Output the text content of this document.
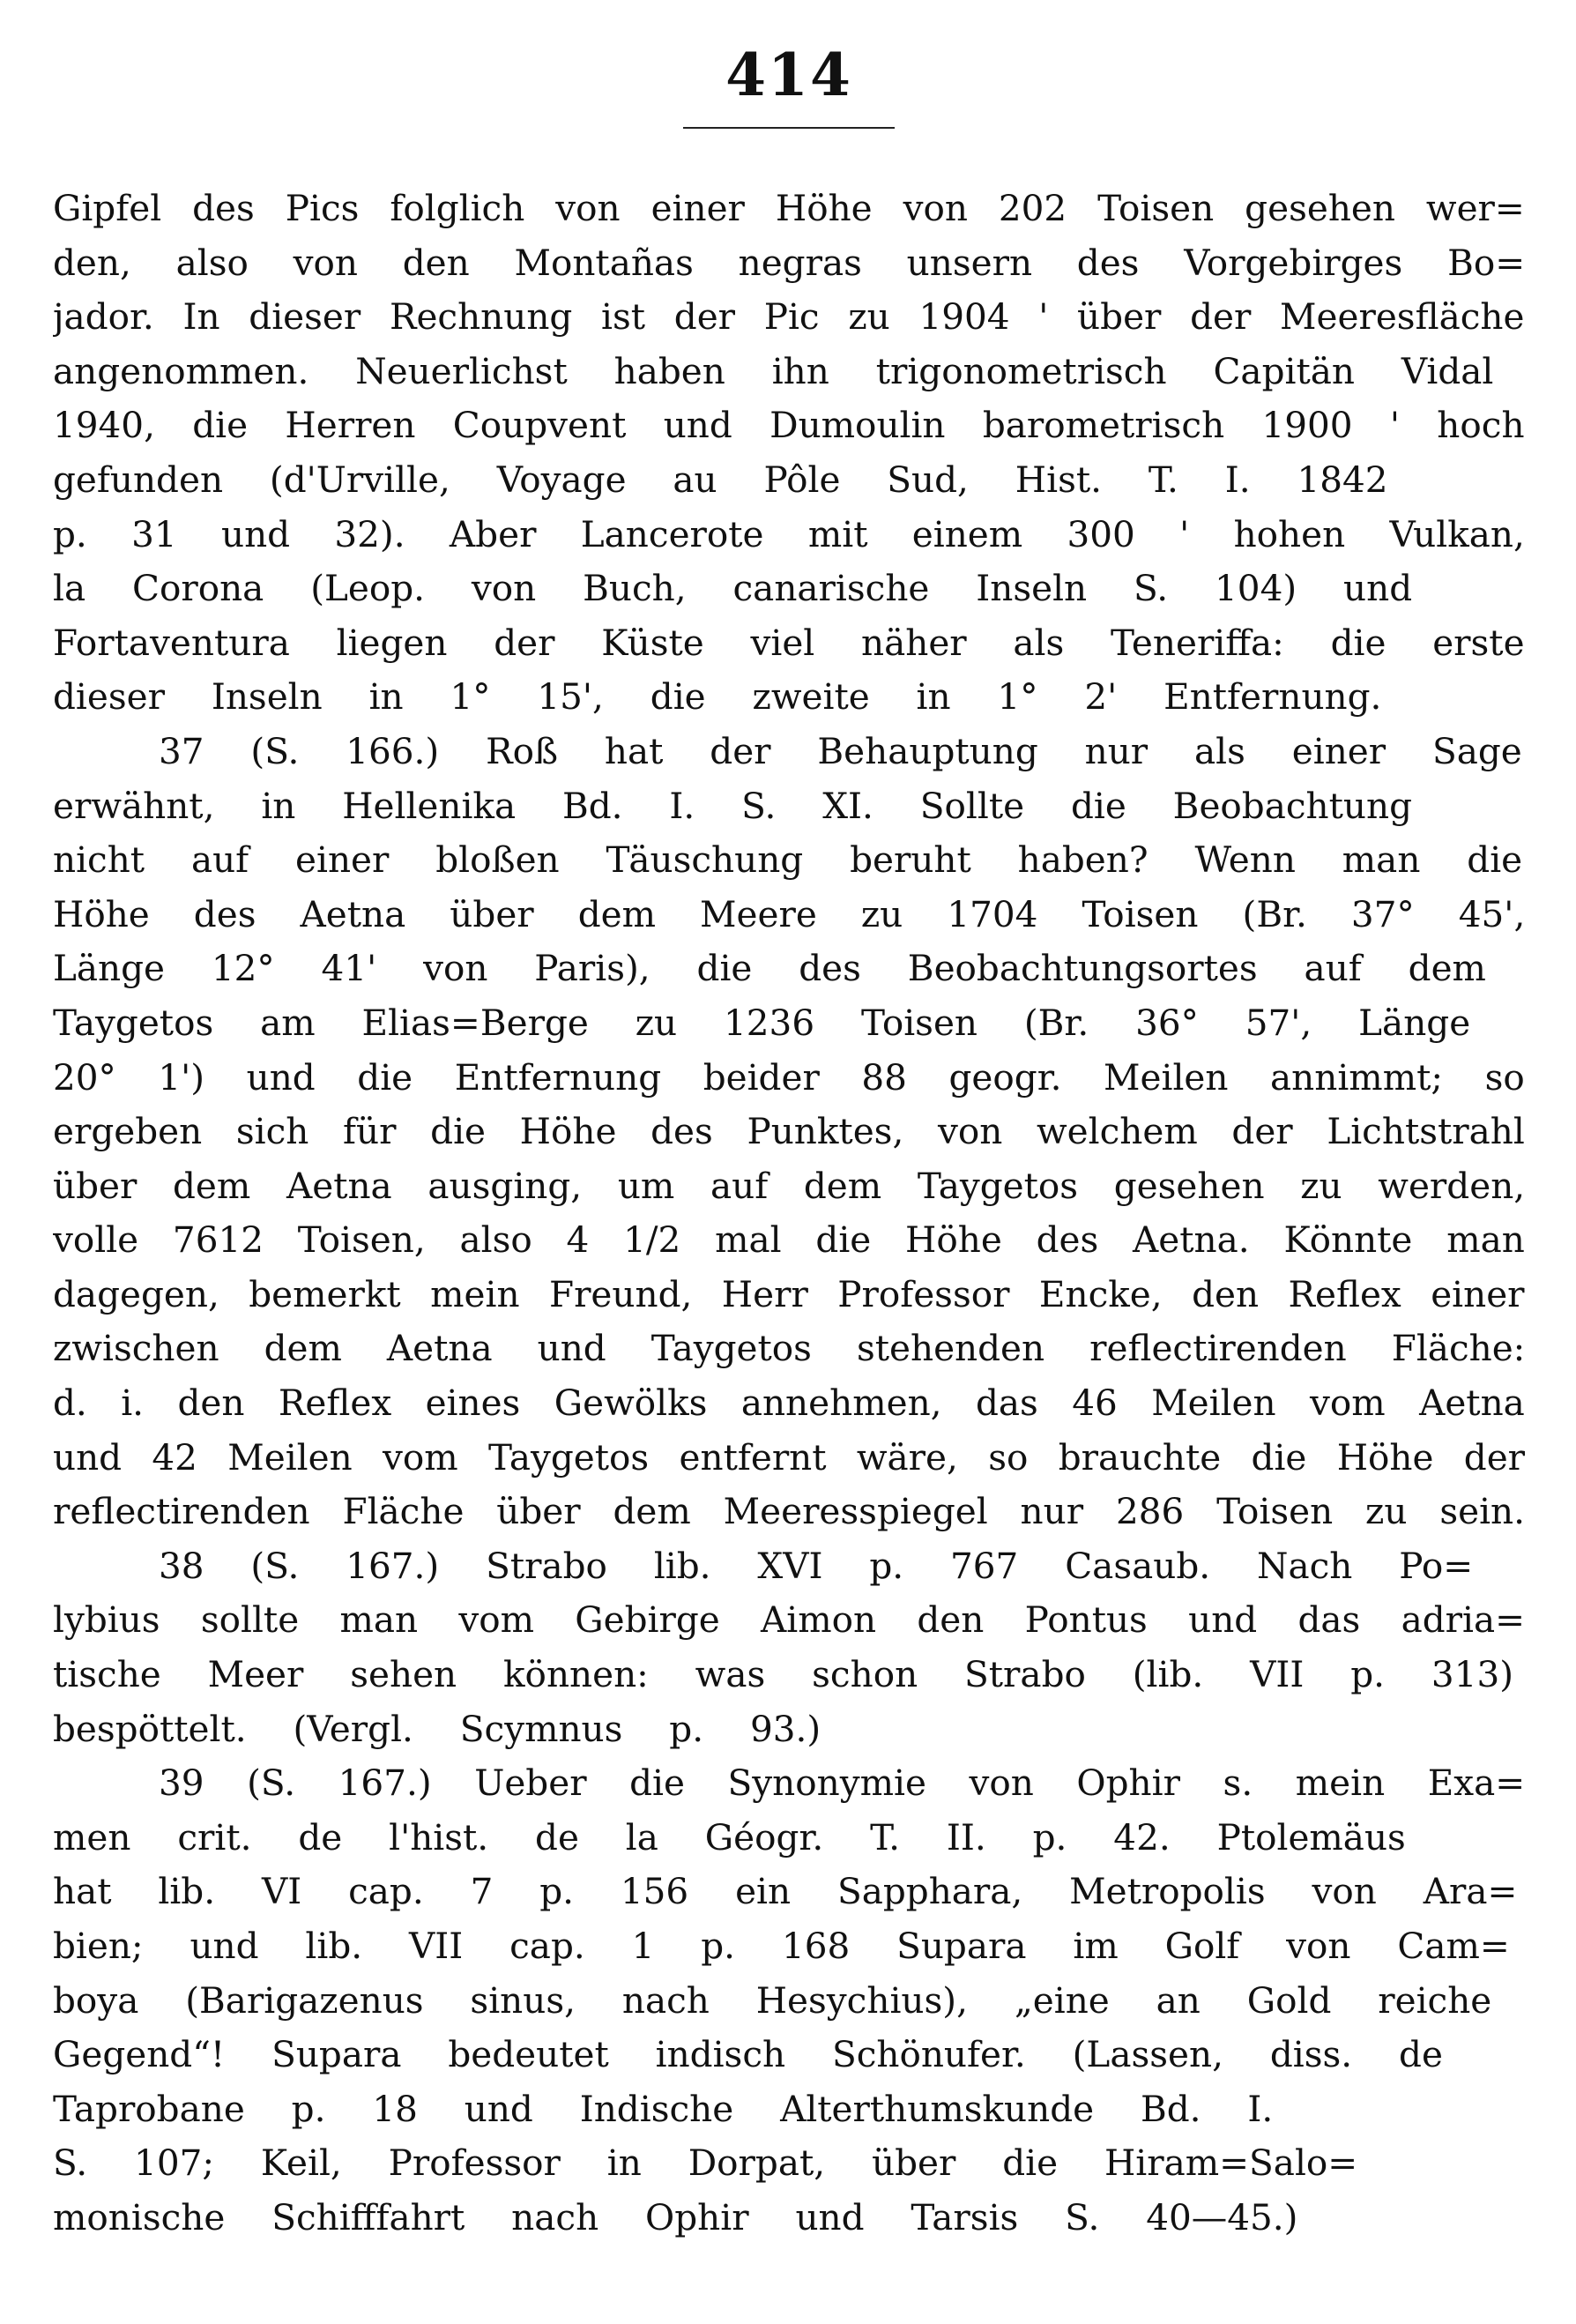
414
Gipfel des Pics folglich von einer Höhe von 202 Toisen gesehen wer=
den, also von den Montañas negras unsern des Vorgebirges Bo=
jador. In dieser Rechnung ist der Pic zu 1904 ' über der Meeresfläche
angenommen. Neuerlichst haben ihn trigonometrisch Capitän Vidal
1940, die Herren Coupvent und Dumoulin barometrisch 1900 ' hoch
gefunden (d'Urville, Voyage au Pôle Sud, Hist. T. I. 1842
p. 31 und 32). Aber Lancerote mit einem 300 ' hohen Vulkan,
la Corona (Leop. von Buch, canarische Inseln S. 104) und
Fortaventura liegen der Küste viel näher als Teneriffa: die erste
dieser Inseln in 1° 15', die zweite in 1° 2' Entfernung.
37 (S. 166.) Roß hat der Behauptung nur als einer Sage
erwähnt, in Hellenika Bd. I. S. XI. Sollte die Beobachtung
nicht auf einer bloßen Täuschung beruht haben? Wenn man die
Höhe des Aetna über dem Meere zu 1704 Toisen (Br. 37° 45',
Länge 12° 41' von Paris), die des Beobachtungsortes auf dem
Taygetos am Elias=Berge zu 1236 Toisen (Br. 36° 57', Länge
20° 1') und die Entfernung beider 88 geogr. Meilen annimmt; so
ergeben sich für die Höhe des Punktes, von welchem der Lichtstrahl
über dem Aetna ausging, um auf dem Taygetos gesehen zu werden,
volle 7612 Toisen, also 4 1/2 mal die Höhe des Aetna. Könnte man
dagegen, bemerkt mein Freund, Herr Professor Encke, den Reflex einer
zwischen dem Aetna und Taygetos stehenden reflectirenden Fläche:
d. i. den Reflex eines Gewölks annehmen, das 46 Meilen vom Aetna
und 42 Meilen vom Taygetos entfernt wäre, so brauchte die Höhe der
reflectirenden Fläche über dem Meeresspiegel nur 286 Toisen zu sein.
38 (S. 167.) Strabo lib. XVI p. 767 Casaub. Nach Po=
lybius sollte man vom Gebirge Aimon den Pontus und das adria=
tische Meer sehen können: was schon Strabo (lib. VII p. 313)
bespöttelt. (Vergl. Scymnus p. 93.)
39 (S. 167.) Ueber die Synonymie von Ophir s. mein Exa=
men crit. de l'hist. de la Géogr. T. II. p. 42. Ptolemäus
hat lib. VI cap. 7 p. 156 ein Sapphara, Metropolis von Ara=
bien; und lib. VII cap. 1 p. 168 Supara im Golf von Cam=
boya (Barigazenus sinus, nach Hesychius), „eine an Gold reiche
Gegend“! Supara bedeutet indisch Schönufer. (Lassen, diss. de
Taprobane p. 18 und Indische Alterthumskunde Bd. I.
S. 107; Keil, Professor in Dorpat, über die Hiram=Salo=
monische Schifffahrt nach Ophir und Tarsis S. 40—45.)
